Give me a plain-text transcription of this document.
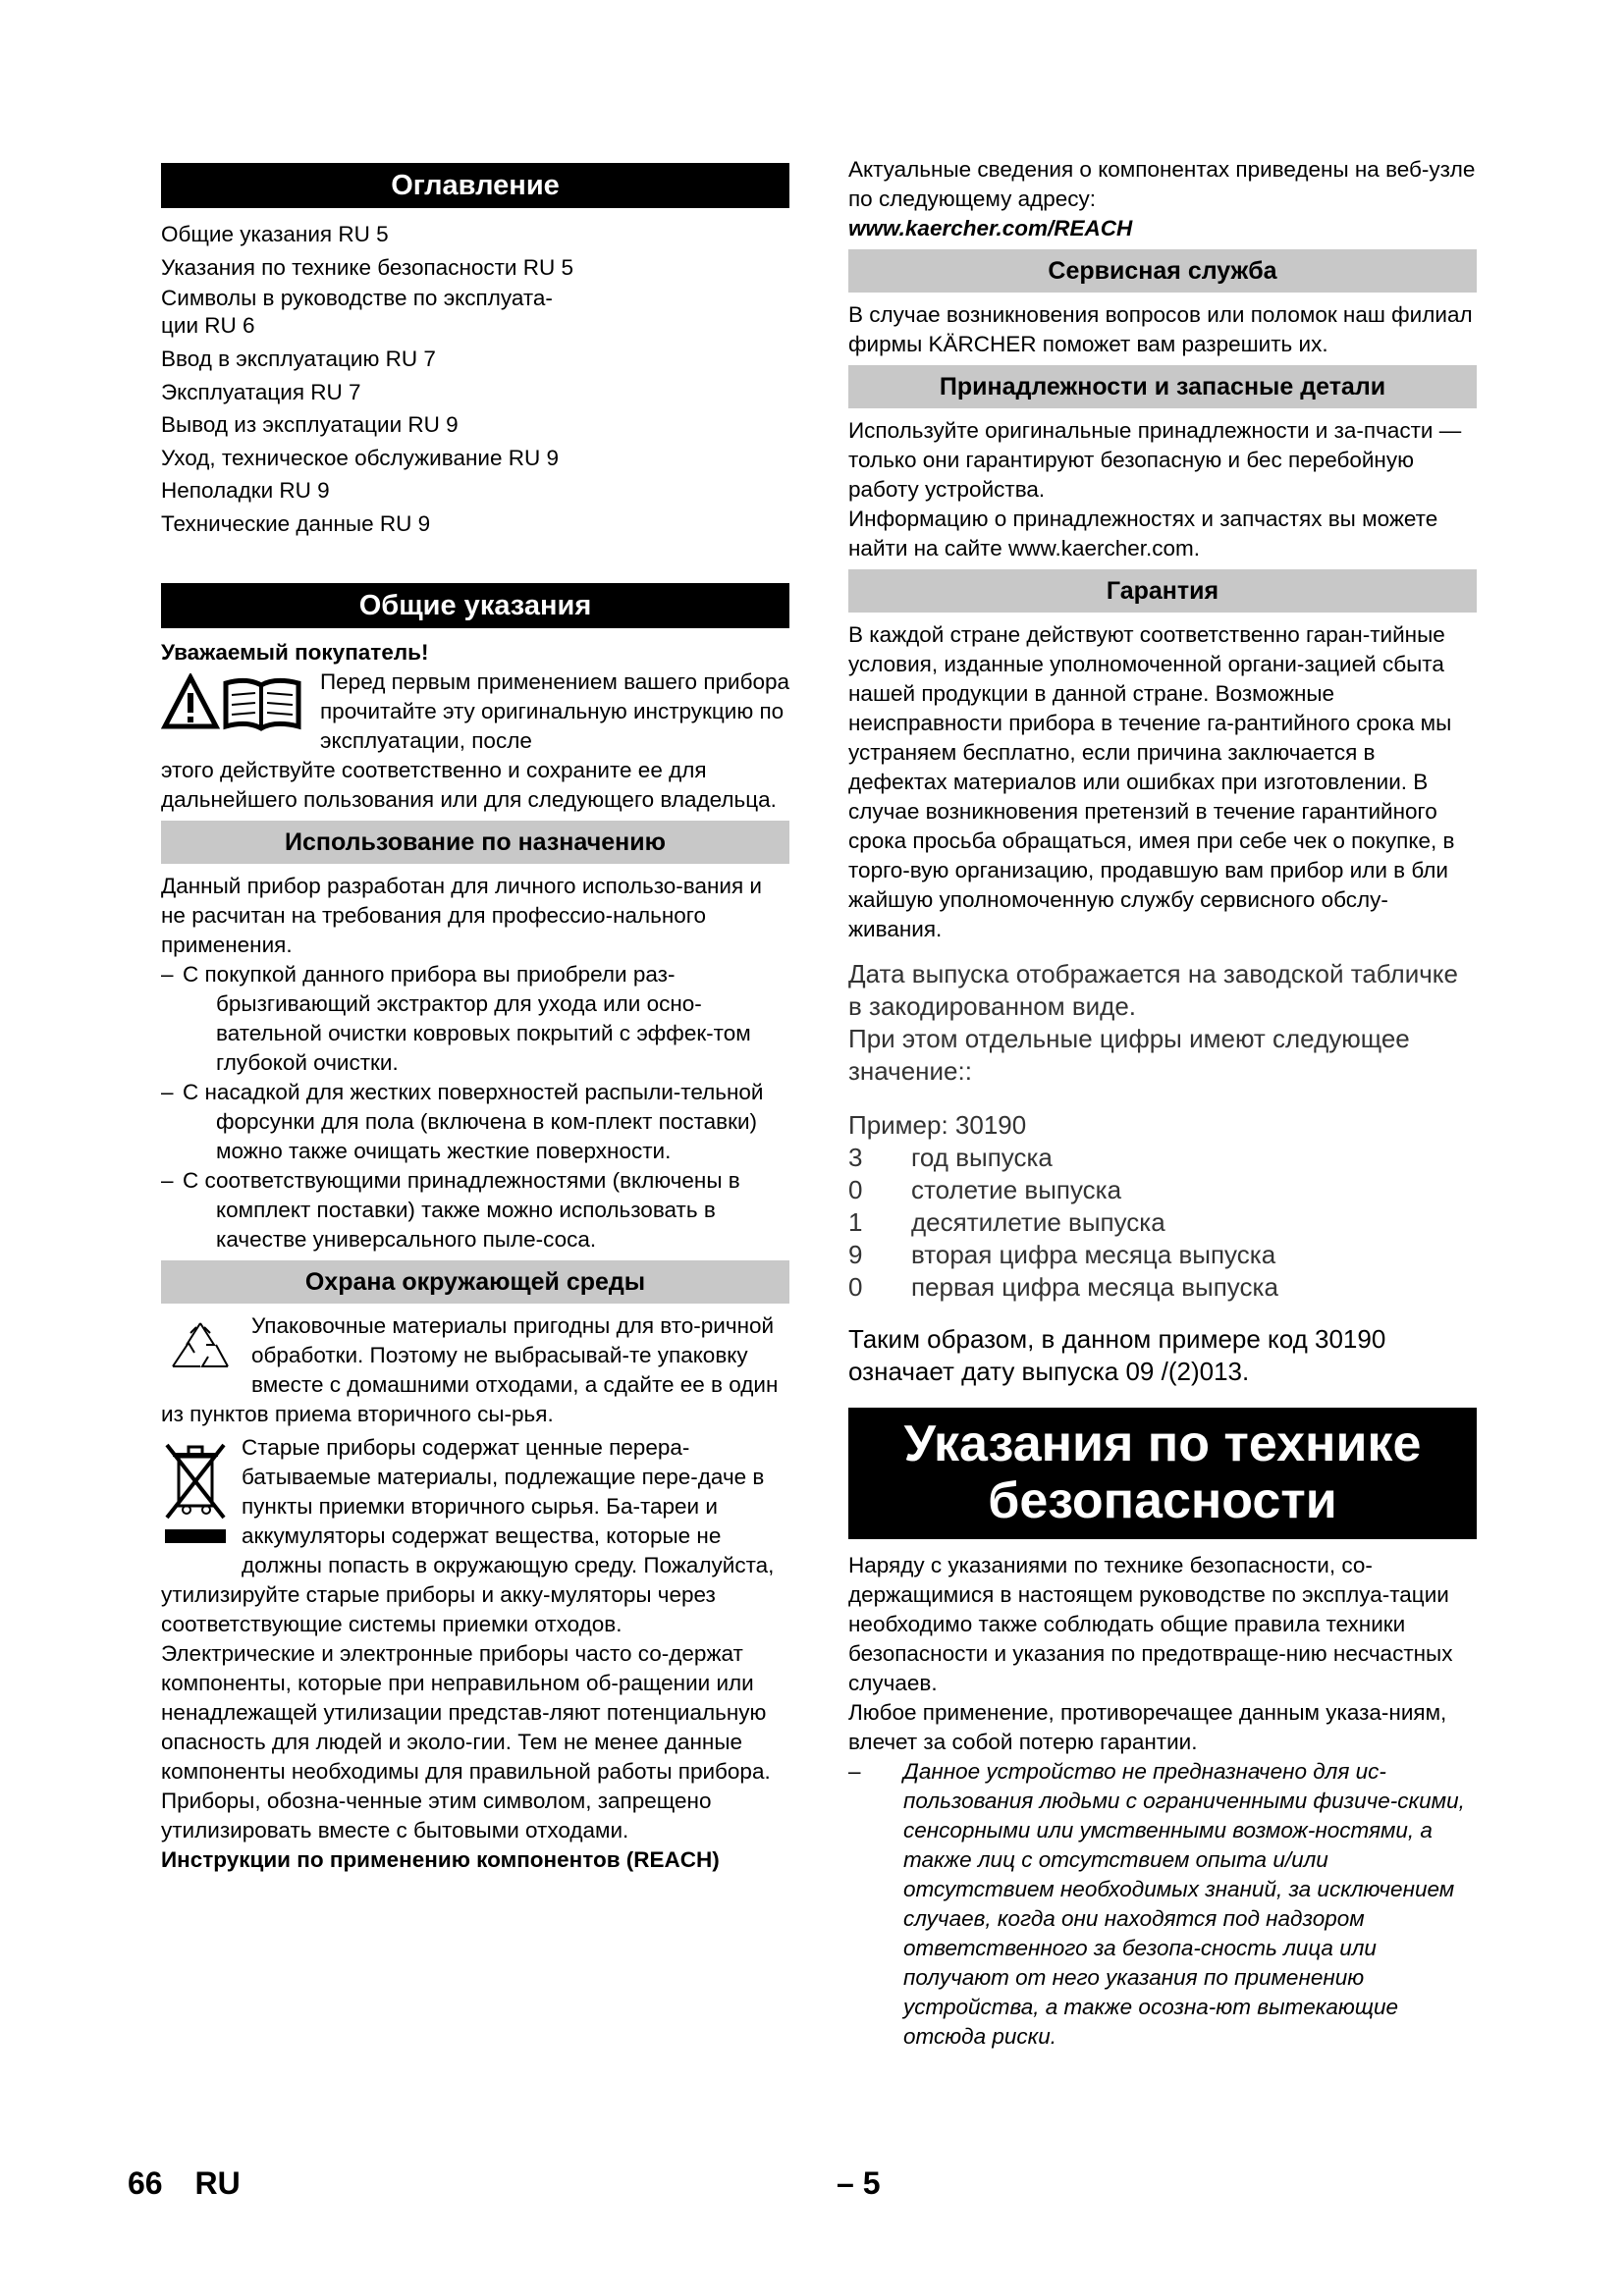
Оглавление

Общие указания RU 5

Указания по технике безопасности RU 5

Символы в руководстве по эксплуата-

ции RU 6

Ввод в эксплуатацию RU 7

Эксплуатация RU 7

Вывод из эксплуатации RU 9

Уход, техническое обслуживание RU 9

Неполадки RU 9

Технические данные RU 9

Общие указания

Уважаемый покупатель!

Перед первым применением вашего прибора прочитайте эту оригинальную инструкцию по эксплуатации, после

этого действуйте соответственно и сохраните ее для дальнейшего пользования или для следующего владельца.

Использование по назначению

Данный прибор разработан для личного использо-вания и не расчитан на требования для профессио-нального применения.

– С покупкой данного прибора вы приобрели раз-брызгивающий экстрактор для ухода или осно-вательной очистки ковровых покрытий с эффек-том глубокой очистки.
– С насадкой для жестких поверхностей распыли-тельной форсунки для пола (включена в ком-плект поставки) можно также очищать жесткие поверхности.
– С соответствующими принадлежностями (включены в комплект поставки) также можно использовать в качестве универсального пыле-соса.
Охрана окружающей среды

Упаковочные материалы пригодны для вто-ричной обработки. Поэтому не выбрасывай-те упаковку вместе с домашними отходами, а сдайте ее в один из пунктов приема вторичного сы-рья.

Старые приборы содержат ценные перера-батываемые материалы, подлежащие пере-даче в пункты приемки вторичного сырья. Ба-тареи и аккумуляторы содержат вещества, которые не должны попасть в окружающую среду. Пожалуйста, утилизируйте старые приборы и акку-муляторы через соответствующие системы приемки отходов.

Электрические и электронные приборы часто со-держат компоненты, которые при неправильном об-ращении или ненадлежащей утилизации представ-ляют потенциальную опасность для людей и эколо-гии. Тем не менее данные компоненты необходимы для правильной работы прибора. Приборы, обозна-ченные этим символом, запрещено утилизировать вместе с бытовыми отходами.

Инструкции по применению компонентов (REACH)

Актуальные сведения о компонентах приведены на веб-узле по следующему адресу:

www.kaercher.com/REACH

Сервисная служба

В случае возникновения вопросов или поломок наш филиал фирмы KÄRCHER поможет вам разрешить их.

Принадлежности и запасные детали

Используйте оригинальные принадлежности и за-пчасти — только они гарантируют безопасную и бес перебойную работу устройства.

Информацию о принадлежностях и запчастях вы можете найти на сайте www.kaercher.com.

Гарантия

В каждой стране действуют соответственно гаран-тийные условия, изданные уполномоченной органи-зацией сбыта нашей продукции в данной стране. Возможные неисправности прибора в течение га-рантийного срока мы устраняем бесплатно, если причина заключается в дефектах материалов или ошибках при изготовлении. В случае возникновения претензий в течение гарантийного срока просьба обращаться, имея при себе чек о покупке, в торго-вую организацию, продавшую вам прибор или в бли жайшую уполномоченную службу сервисного обслу-живания.

Дата выпуска отображается на заводской табличке в закодированном виде.

При этом отдельные цифры имеют следующее значение::

Пример: 30190

3	год выпуска
0	столетие выпуска
1	десятилетие выпуска
9	вторая цифра месяца выпуска
0	первая цифра месяца выпуска

Таким образом, в данном примере код 30190 означает дату выпуска 09 /(2)013.

Указания по технике
безопасности

Наряду с указаниями по технике безопасности, со-держащимися в настоящем руководстве по эксплуа-тации необходимо также соблюдать общие правила техники безопасности и указания по предотвраще-нию несчастных случаев.

Любое применение, противоречащее данным указа-ниям, влечет за собой потерю гарантии.

– Данное устройство не предназначено для ис-пользования людьми с ограниченными физиче-скими, сенсорными или умственными возмож-ностями, а также лиц с отсутствием опыта и/или отсутствием необходимых знаний, за исключением случаев, когда они находятся под надзором ответственного за безопа-сность лица или получают от него указания по применению устройства, а также осозна-ют вытекающие отсюда риски.
66 RU	– 5
